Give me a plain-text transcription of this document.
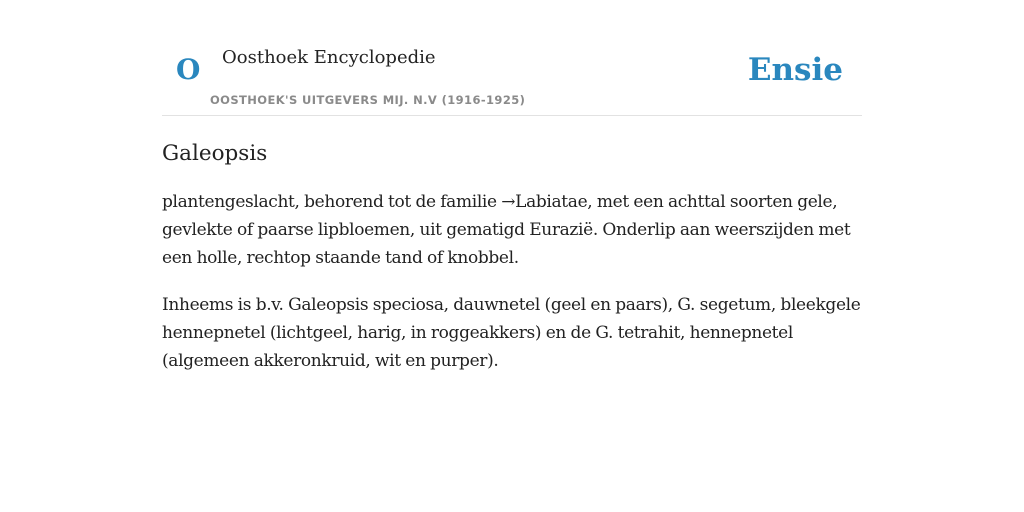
O Oosthoek Encyclopedie
OOSTHOEK'S UITGEVERS MIJ. N.V (1916-1925)
Ensie
Galeopsis

plantengeslacht, behorend tot de familie →Labiatae, met een achttal soorten gele, gevlekte of paarse lipbloemen, uit gematigd Eurazië. Onderlip aan weerszijden met een holle, rechtop staande tand of knobbel.

Inheems is b.v. Galeopsis speciosa, dauwnetel (geel en paars), G. segetum, bleekgele hennepnetel (lichtgeel, harig, in roggeakkers) en de G. tetrahit, hennepnetel (algemeen akkeronkruid, wit en purper).
